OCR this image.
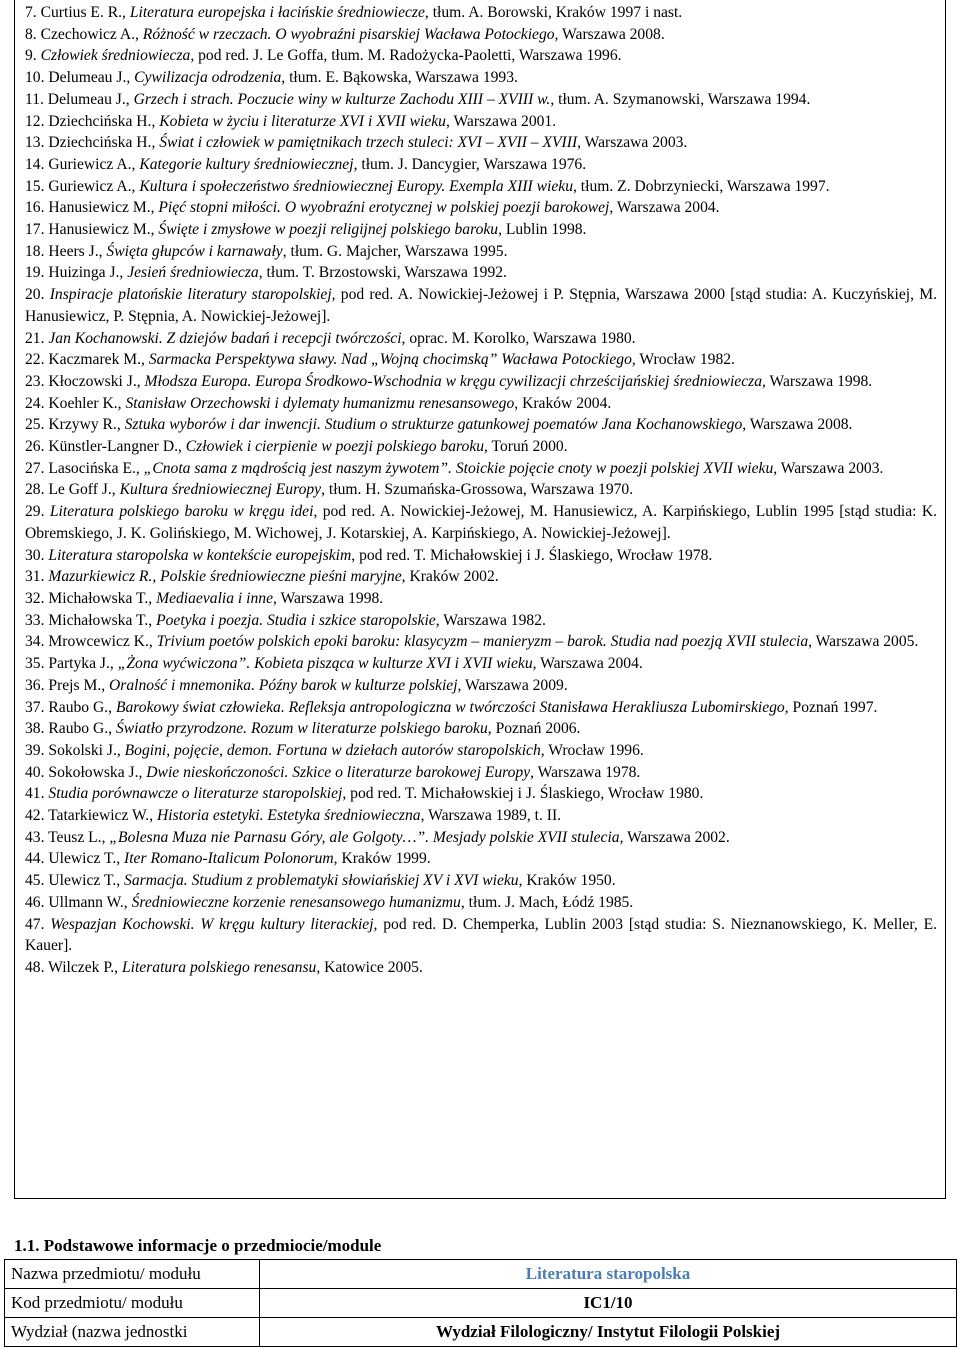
7. Curtius E. R., Literatura europejska i łacińskie średniowiecze, tłum. A. Borowski, Kraków 1997 i nast.
8. Czechowicz A., Różność w rzeczach. O wyobraźni pisarskiej Wacława Potockiego, Warszawa 2008.
9. Człowiek średniowiecza, pod red. J. Le Goffa, tłum. M. Radożycka-Paoletti, Warszawa 1996.
10. Delumeau J., Cywilizacja odrodzenia, tłum. E. Bąkowska, Warszawa 1993.
11. Delumeau J., Grzech i strach. Poczucie winy w kulturze Zachodu XIII – XVIII w., tłum. A. Szymanowski, Warszawa 1994.
12. Dziechcińska H., Kobieta w życiu i literaturze XVI i XVII wieku, Warszawa 2001.
13. Dziechcińska H., Świat i człowiek w pamiętnikach trzech stuleci: XVI – XVII – XVIII, Warszawa 2003.
14. Guriewicz A., Kategorie kultury średniowiecznej, tłum. J. Dancygier, Warszawa 1976.
15. Guriewicz A., Kultura i społeczeństwo średniowiecznej Europy. Exempla XIII wieku, tłum. Z. Dobrzyniecki, Warszawa 1997.
16. Hanusiewicz M., Pięć stopni miłości. O wyobraźni erotycznej w polskiej poezji barokowej, Warszawa 2004.
17. Hanusiewicz M., Święte i zmysłowe w poezji religijnej polskiego baroku, Lublin 1998.
18. Heers J., Święta głupców i karnawały, tłum. G. Majcher, Warszawa 1995.
19. Huizinga J., Jesień średniowiecza, tłum. T. Brzostowski, Warszawa 1992.
20. Inspiracje platońskie literatury staropolskiej, pod red. A. Nowickiej-Jeżowej i P. Stępnia, Warszawa 2000 [stąd studia: A. Kuczyńskiej, M. Hanusiewicz, P. Stępnia, A. Nowickiej-Jeżowej].
21. Jan Kochanowski. Z dziejów badań i recepcji twórczości, oprac. M. Korolko, Warszawa 1980.
22. Kaczmarek M., Sarmacka Perspektywa sławy. Nad „Wojną chocimską” Wacława Potockiego, Wrocław 1982.
23. Kłoczowski J., Młodsza Europa. Europa Środkowo-Wschodnia w kręgu cywilizacji chrześcijańskiej średniowiecza, Warszawa 1998.
24. Koehler K., Stanisław Orzechowski i dylematy humanizmu renesansowego, Kraków 2004.
25. Krzywy R., Sztuka wyborów i dar inwencji. Studium o strukturze gatunkowej poematów Jana Kochanowskiego, Warszawa 2008.
26. Künstler-Langner D., Człowiek i cierpienie w poezji polskiego baroku, Toruń 2000.
27. Lasocińska E., „Cnota sama z mądrością jest naszym żywotem”. Stoickie pojęcie cnoty w poezji polskiej XVII wieku, Warszawa 2003.
28. Le Goff J., Kultura średniowiecznej Europy, tłum. H. Szumańska-Grossowa, Warszawa 1970.
29. Literatura polskiego baroku w kręgu idei, pod red. A. Nowickiej-Jeżowej, M. Hanusiewicz, A. Karpińskiego, Lublin 1995 [stąd studia: K. Obremskiego, J. K. Golińskiego, M. Wichowej, J. Kotarskiej, A. Karpińskiego, A. Nowickiej-Jeżowej].
30. Literatura staropolska w kontekście europejskim, pod red. T. Michałowskiej i J. Ślaskiego, Wrocław 1978.
31. Mazurkiewicz R., Polskie średniowieczne pieśni maryjne, Kraków 2002.
32. Michałowska T., Mediaevalia i inne, Warszawa 1998.
33. Michałowska T., Poetyka i poezja. Studia i szkice staropolskie, Warszawa 1982.
34. Mrowcewicz K., Trivium poetów polskich epoki baroku: klasycyzm – manieryzm – barok. Studia nad poezją XVII stulecia, Warszawa 2005.
35. Partyka J., „Żona wyćwiczona”. Kobieta pisząca w kulturze XVI i XVII wieku, Warszawa 2004.
36. Prejs M., Oralność i mnemonika. Późny barok w kulturze polskiej, Warszawa 2009.
37. Raubo G., Barokowy świat człowieka. Refleksja antropologiczna w twórczości Stanisława Herakliusza Lubomirskiego, Poznań 1997.
38. Raubo G., Światło przyrodzone. Rozum w literaturze polskiego baroku, Poznań 2006.
39. Sokolski J., Bogini, pojęcie, demon. Fortuna w dziełach autorów staropolskich, Wrocław 1996.
40. Sokołowska J., Dwie nieskończoności. Szkice o literaturze barokowej Europy, Warszawa 1978.
41. Studia porównawcze o literaturze staropolskiej, pod red. T. Michałowskiej i J. Ślaskiego, Wrocław 1980.
42. Tatarkiewicz W., Historia estetyki. Estetyka średniowieczna, Warszawa 1989, t. II.
43. Teusz L., „Bolesna Muza nie Parnasu Góry, ale Golgoty…”. Mesjady polskie XVII stulecia, Warszawa 2002.
44. Ulewicz T., Iter Romano-Italicum Polonorum, Kraków 1999.
45. Ulewicz T., Sarmacja. Studium z problematyki słowiańskiej XV i XVI wieku, Kraków 1950.
46. Ullmann W., Średniowieczne korzenie renesansowego humanizmu, tłum. J. Mach, Łódź 1985.
47. Wespazjan Kochowski. W kręgu kultury literackiej, pod red. D. Chemperka, Lublin 2003 [stąd studia: S. Nieznanowskiego, K. Meller, E. Kauer].
48. Wilczek P., Literatura polskiego renesansu, Katowice 2005.
1.1. Podstawowe informacje o przedmiocie/module
Nazwa przedmiotu/ modułu	Literatura staropolska
Kod przedmiotu/ modułu	IC1/10
Wydział (nazwa jednostki	Wydział Filologiczny/ Instytut Filologii Polskiej
